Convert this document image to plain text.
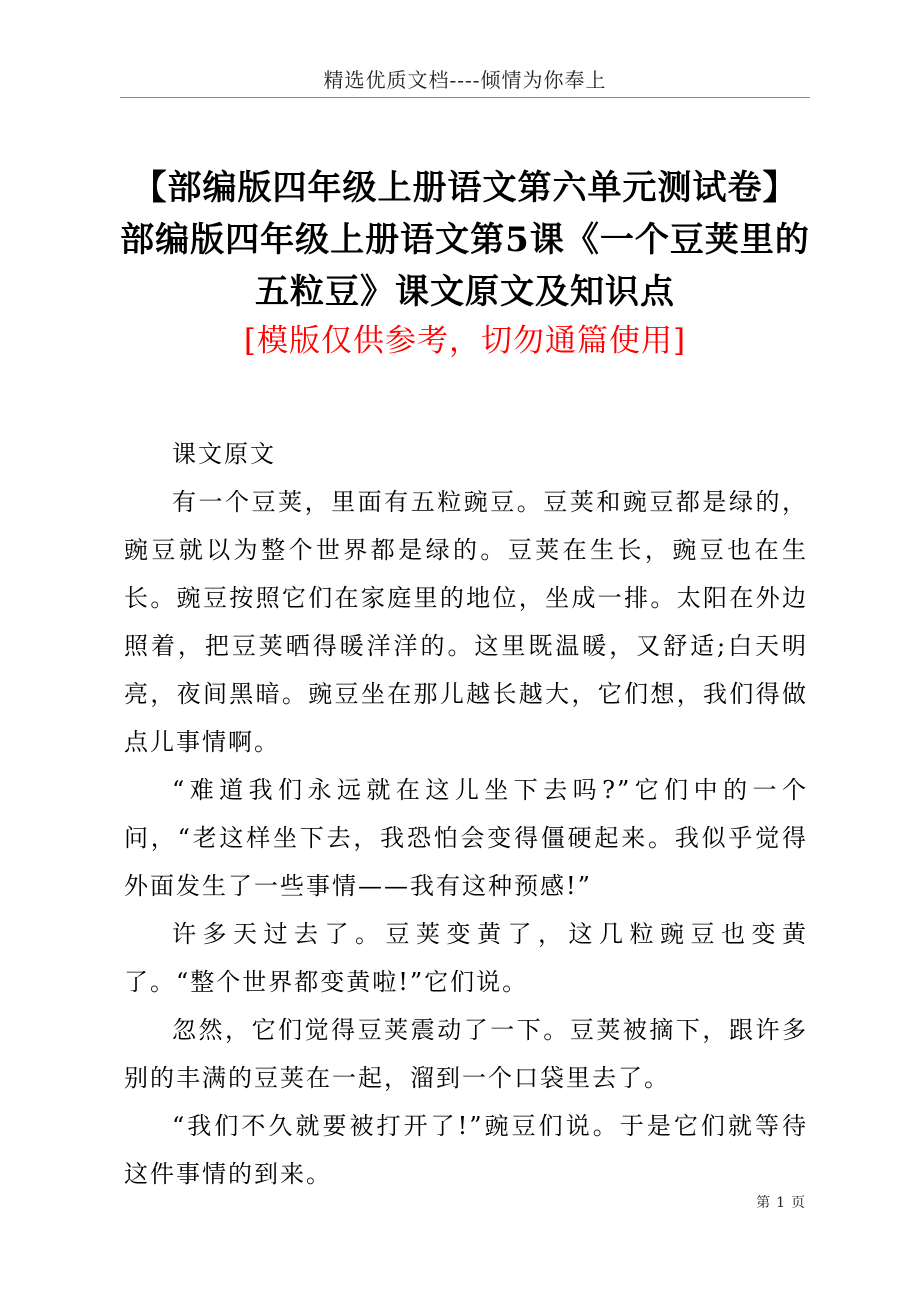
精选优质文档----倾情为你奉上
【部编版四年级上册语文第六单元测试卷】部编版四年级上册语文第5课《一个豆荚里的五粒豆》课文原文及知识点
[模版仅供参考，切勿通篇使用]

课文原文

有一个豆荚，里面有五粒豌豆。豆荚和豌豆都是绿的，豌豆就以为整个世界都是绿的。豆荚在生长，豌豆也在生长。豌豆按照它们在家庭里的地位，坐成一排。太阳在外边照着，把豆荚晒得暖洋洋的。这里既温暖，又舒适;白天明亮，夜间黑暗。豌豆坐在那儿越长越大，它们想，我们得做点儿事情啊。

“难道我们永远就在这儿坐下去吗?”它们中的一个问，“老这样坐下去，我恐怕会变得僵硬起来。我似乎觉得外面发生了一些事情——我有这种预感!”

许多天过去了。豆荚变黄了，这几粒豌豆也变黄了。“整个世界都变黄啦!”它们说。

忽然，它们觉得豆荚震动了一下。豆荚被摘下，跟许多别的丰满的豆荚在一起，溜到一个口袋里去了。

“我们不久就要被打开了!”豌豆们说。于是它们就等待这件事情的到来。

第 1 页
